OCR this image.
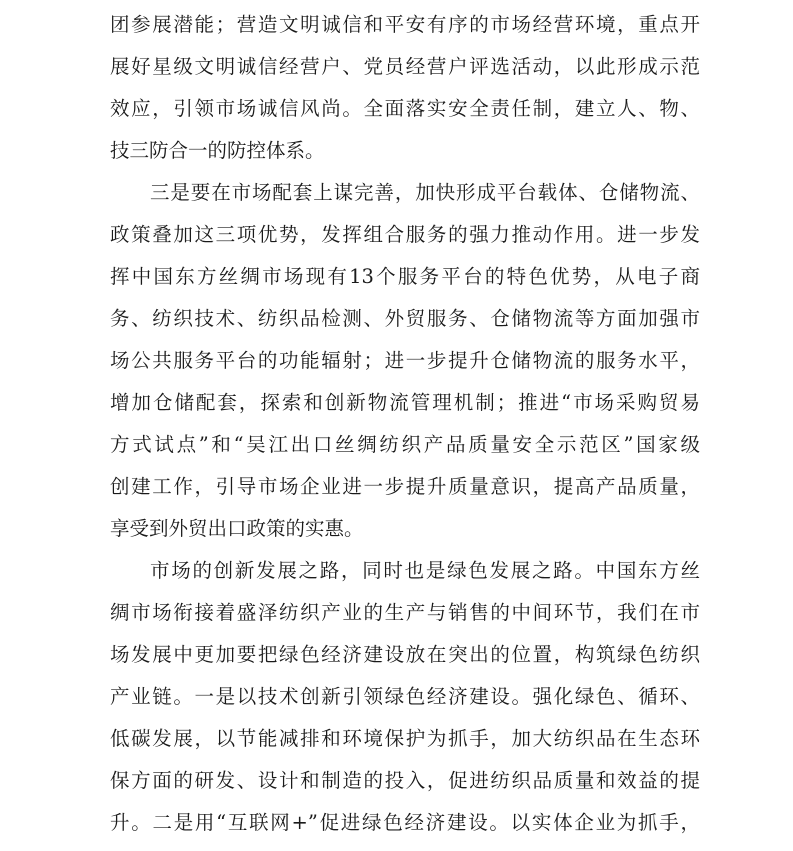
团参展潜能；营造文明诚信和平安有序的市场经营环境，重点开
展好星级文明诚信经营户、党员经营户评选活动，以此形成示范
效应，引领市场诚信风尚。全面落实安全责任制，建立人、物、
技三防合一的防控体系。
三是要在市场配套上谋完善，加快形成平台载体、仓储物流、
政策叠加这三项优势，发挥组合服务的强力推动作用。进一步发
挥中国东方丝绸市场现有13个服务平台的特色优势，从电子商
务、纺织技术、纺织品检测、外贸服务、仓储物流等方面加强市
场公共服务平台的功能辐射；进一步提升仓储物流的服务水平，
增加仓储配套，探索和创新物流管理机制；推进“市场采购贸易
方式试点”和“吴江出口丝绸纺织产品质量安全示范区”国家级
创建工作，引导市场企业进一步提升质量意识，提高产品质量，
享受到外贸出口政策的实惠。
市场的创新发展之路，同时也是绿色发展之路。中国东方丝
绸市场衔接着盛泽纺织产业的生产与销售的中间环节，我们在市
场发展中更加要把绿色经济建设放在突出的位置，构筑绿色纺织
产业链。一是以技术创新引领绿色经济建设。强化绿色、循环、
低碳发展，以节能减排和环境保护为抓手，加大纺织品在生态环
保方面的研发、设计和制造的投入，促进纺织品质量和效益的提
升。二是用“互联网+”促进绿色经济建设。以实体企业为抓手，
